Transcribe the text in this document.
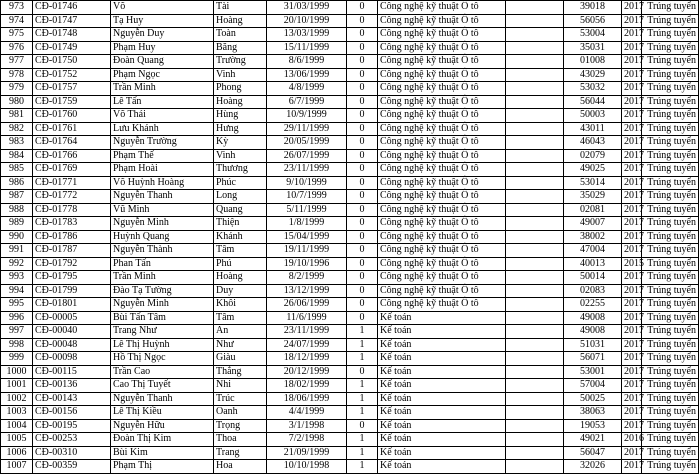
973	CĐ-01746	Võ	Tài	31/03/1999	0	Công nghệ kỹ thuật Ô tô		39018	2017	Trúng tuyển
974	CĐ-01747	Tạ Huy	Hoàng	20/10/1999	0	Công nghệ kỹ thuật Ô tô		56056	2017	Trúng tuyển
975	CĐ-01748	Nguyễn Duy	Toàn	13/03/1999	0	Công nghệ kỹ thuật Ô tô		53004	2017	Trúng tuyển
976	CĐ-01749	Phạm Huy	Băng	15/11/1999	0	Công nghệ kỹ thuật Ô tô		35031	2017	Trúng tuyển
977	CĐ-01750	Đoàn Quang	Trường	8/6/1999	0	Công nghệ kỹ thuật Ô tô		01008	2017	Trúng tuyển
978	CĐ-01752	Phạm Ngọc	Vinh	13/06/1999	0	Công nghệ kỹ thuật Ô tô		43029	2017	Trúng tuyển
979	CĐ-01757	Trần Minh	Phong	4/8/1999	0	Công nghệ kỹ thuật Ô tô		53032	2017	Trúng tuyển
980	CĐ-01759	Lê Tấn	Hoàng	6/7/1999	0	Công nghệ kỹ thuật Ô tô		56044	2017	Trúng tuyển
981	CĐ-01760	Võ Thái	Hùng	10/9/1999	0	Công nghệ kỹ thuật Ô tô		50003	2017	Trúng tuyển
982	CĐ-01761	Lưu Khánh	Hưng	29/11/1999	0	Công nghệ kỹ thuật Ô tô		43011	2017	Trúng tuyển
983	CĐ-01764	Nguyễn Trường	Kỳ	20/05/1999	0	Công nghệ kỹ thuật Ô tô		46043	2017	Trúng tuyển
984	CĐ-01766	Phạm Thế	Vinh	26/07/1999	0	Công nghệ kỹ thuật Ô tô		02079	2017	Trúng tuyển
985	CĐ-01769	Phạm Hoài	Thương	23/11/1999	0	Công nghệ kỹ thuật Ô tô		49025	2017	Trúng tuyển
986	CĐ-01771	Võ Huỳnh Hoàng	Phúc	9/10/1999	0	Công nghệ kỹ thuật Ô tô		53014	2017	Trúng tuyển
987	CĐ-01772	Nguyễn Thanh	Long	10/7/1999	0	Công nghệ kỹ thuật Ô tô		35029	2017	Trúng tuyển
988	CĐ-01778	Vũ Minh	Quang	5/11/1999	0	Công nghệ kỹ thuật Ô tô		02081	2017	Trúng tuyển
989	CĐ-01783	Nguyễn Minh	Thiện	1/8/1999	0	Công nghệ kỹ thuật Ô tô		49007	2017	Trúng tuyển
990	CĐ-01786	Huỳnh Quang	Khánh	15/04/1999	0	Công nghệ kỹ thuật Ô tô		38002	2017	Trúng tuyển
991	CĐ-01787	Nguyễn Thành	Tâm	19/11/1999	0	Công nghệ kỹ thuật Ô tô		47004	2017	Trúng tuyển
992	CĐ-01792	Phan Tấn	Phú	19/10/1996	0	Công nghệ kỹ thuật Ô tô		40013	2015	Trúng tuyển
993	CĐ-01795	Trần Minh	Hoàng	8/2/1999	0	Công nghệ kỹ thuật Ô tô		50014	2017	Trúng tuyển
994	CĐ-01799	Đào Tạ Tường	Duy	13/12/1999	0	Công nghệ kỹ thuật Ô tô		02083	2017	Trúng tuyển
995	CĐ-01801	Nguyễn Minh	Khôi	26/06/1999	0	Công nghệ kỹ thuật Ô tô		02255	2017	Trúng tuyển
996	CĐ-00005	Bùi Tấn Tâm	Tâm	11/6/1999	0	Kế toán		49008	2017	Trúng tuyển
997	CĐ-00040	Trang Như	An	23/11/1999	1	Kế toán		49008	2017	Trúng tuyển
998	CĐ-00048	Lê Thị Huỳnh	Như	24/07/1999	1	Kế toán		51031	2017	Trúng tuyển
999	CĐ-00098	Hồ Thị Ngọc	Giàu	18/12/1999	1	Kế toán		56071	2017	Trúng tuyển
1000	CĐ-00115	Trần Cao	Thắng	20/12/1999	0	Kế toán		53001	2017	Trúng tuyển
1001	CĐ-00136	Cao Thị Tuyết	Nhi	18/02/1999	1	Kế toán		57004	2017	Trúng tuyển
1002	CĐ-00143	Nguyễn Thanh	Trúc	18/06/1999	1	Kế toán		50025	2017	Trúng tuyển
1003	CĐ-00156	Lê Thị Kiều	Oanh	4/4/1999	1	Kế toán		38063	2017	Trúng tuyển
1004	CĐ-00195	Nguyễn Hữu	Trọng	3/1/1998	0	Kế toán		19053	2017	Trúng tuyển
1005	CĐ-00253	Đoàn Thị Kim	Thoa	7/2/1998	1	Kế toán		49021	2016	Trúng tuyển
1006	CĐ-00310	Bùi Kim	Trang	21/09/1999	1	Kế toán		56047	2017	Trúng tuyển
1007	CĐ-00359	Phạm Thị	Hoa	10/10/1998	1	Kế toán		32026	2017	Trúng tuyển
